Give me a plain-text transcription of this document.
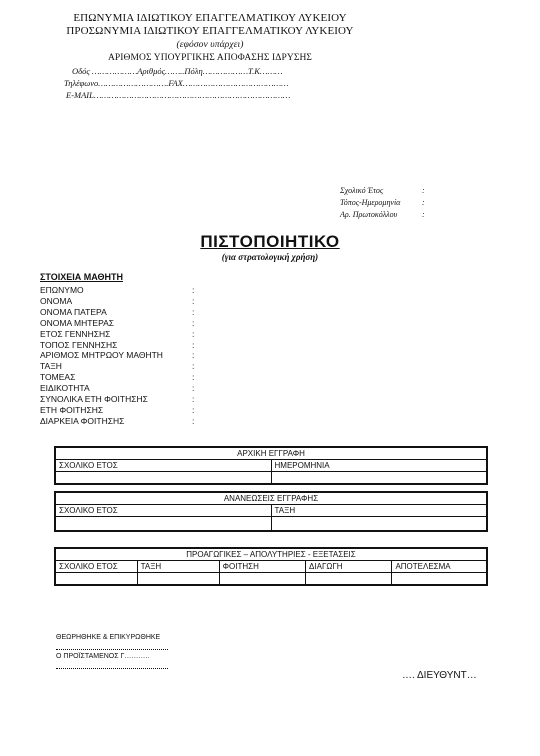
ΕΠΩΝΥΜΙΑ ΙΔΙΩΤΙΚΟΥ ΕΠΑΓΓΕΛΜΑΤΙΚΟΥ ΛΥΚΕΙΟΥ
ΠΡΟΣΩΝΥΜΙΑ ΙΔΙΩΤΙΚΟΥ ΕΠΑΓΓΕΛΜΑΤΙΚΟΥ ΛΥΚΕΙΟΥ
(εφόσον υπάρχει)
ΑΡΙΘΜΟΣ ΥΠΟΥΡΓΙΚΗΣ ΑΠΟΦΑΣΗΣ ΙΔΡΥΣΗΣ
Οδός ………………Αριθμός……..Πόλη………………Τ.Κ………
Τηλέφωνο……………………….FAX……………………………………
E-MAIL……………………………………………………………………
Σχολικό Έτος	:
Τόπος-Ημερομηνία	:
Αρ. Πρωτοκόλλου	:
ΠΙΣΤΟΠΟΙΗΤΙΚΟ
(για στρατολογική χρήση)
ΣΤΟΙΧΕΙΑ ΜΑΘΗΤΗ
ΕΠΩΝΥΜΟ	:
ΟΝΟΜΑ	:
ΟΝΟΜΑ ΠΑΤΕΡΑ	:
ΟΝΟΜΑ ΜΗΤΕΡΑΣ	:
ΕΤΟΣ ΓΕΝΝΗΣΗΣ	:
ΤΟΠΟΣ ΓΕΝΝΗΣΗΣ	:
ΑΡΙΘΜΟΣ ΜΗΤΡΩΟΥ ΜΑΘΗΤΗ	:
ΤΑΞΗ	:
ΤΟΜΕΑΣ	:
ΕΙΔΙΚΟΤΗΤΑ	:
ΣΥΝΟΛΙΚΑ ΕΤΗ ΦΟΙΤΗΣΗΣ	:
ΕΤΗ ΦΟΙΤΗΣΗΣ	:
ΔΙΑΡΚΕΙΑ ΦΟΙΤΗΣΗΣ	:
ΑΡΧΙΚΗ ΕΓΓΡΑΦΗ	
ΣΧΟΛΙΚΟ ΕΤΟΣ	ΗΜΕΡΟΜΗΝΙΑ

ΑΝΑΝΕΩΣΕΙΣ ΕΓΓΡΑΦΗΣ	
ΣΧΟΛΙΚΟ ΕΤΟΣ	ΤΑΞΗ

ΠΡΟΑΓΩΓΙΚΕΣ – ΑΠΟΛΥΤΗΡΙΕΣ - ΕΞΕΤΑΣΕΙΣ				
ΣΧΟΛΙΚΟ ΕΤΟΣ	ΤΑΞΗ	ΦΟΙΤΗΣΗ	ΔΙΑΓΩΓΗ	ΑΠΟΤΕΛΕΣΜΑ

ΘΕΩΡΗΘΗΚΕ & ΕΠΙΚΥΡΩΘΗΚΕ
Ο ΠΡΟΪΣΤΑΜΕΝΟΣ Γ………..
…. ΔΙΕΥΘΥΝΤ…
